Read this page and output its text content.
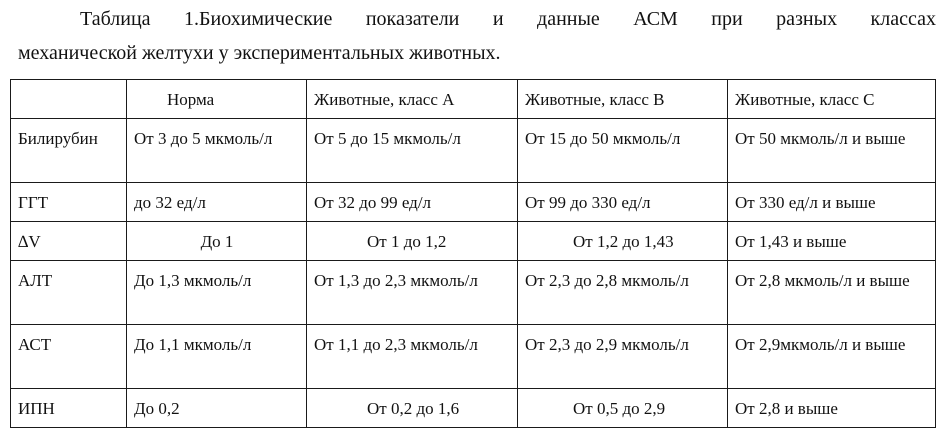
Таблица 1.Биохимические показатели и данные АСМ при разных классах
механической желтухи у экспериментальных животных.
	Норма	Животные, класс А	Животные, класс В	Животные, класс С
Билирубин	От 3 до 5 мкмоль/л	От 5 до 15 мкмоль/л	От 15 до 50 мкмоль/л	От 50 мкмоль/л и выше
ГГТ	до 32 ед/л	От 32 до 99 ед/л	От 99 до 330 ед/л	От 330 ед/л и выше
∆V	До 1	От 1 до 1,2	От 1,2 до 1,43	От 1,43 и выше
АЛТ	До 1,3 мкмоль/л	От 1,3 до 2,3 мкмоль/л	От 2,3 до 2,8 мкмоль/л	От 2,8 мкмоль/л и выше
АСТ	До 1,1 мкмоль/л	От 1,1 до 2,3 мкмоль/л	От 2,3 до 2,9 мкмоль/л	От 2,9мкмоль/л и выше
ИПН	До 0,2	От 0,2 до 1,6	От 0,5 до 2,9	От 2,8 и выше
